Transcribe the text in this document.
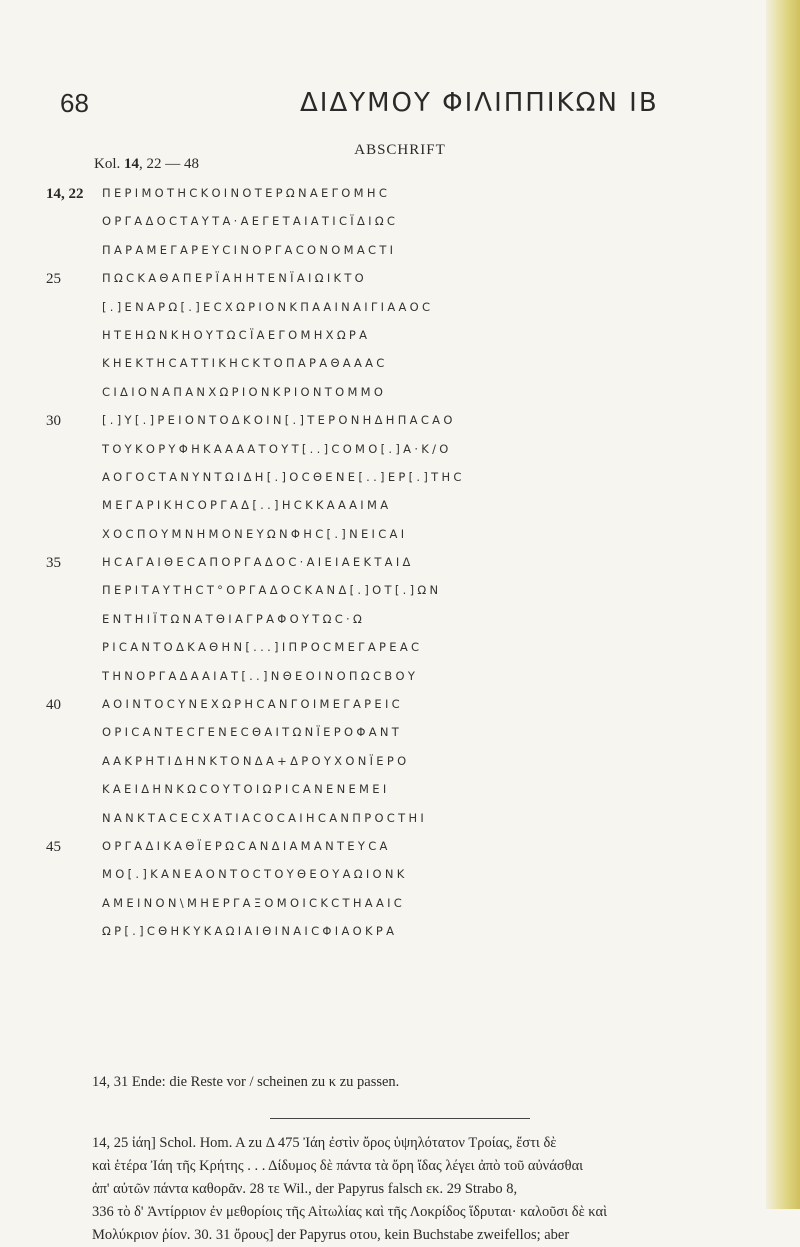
68	ΔΙΔΥΜΟΥ ΦΙΛΙΠΠΙΚΩΝ ΙΒ
ABSCHRIFT
Kol. 14, 22 — 48
14, 22	ΠΕΡΙΜΟΤΗCΚΟΙΝΟΤΕΡΩΝΑΕΓΟΜΗC
ΟΡΓΑΔΟCΤΑΥΤΑ·ΑΕΓΕΤΑΙΑΤΙCΪΔΙΩC
ΠΑΡΑΜΕΓΑΡΕΥCΙΝΟΡΓΑCΟΝΟΜΑCΤΙ
25	ΠΩCΚΑΘΑΠΕΡΪΑΗΗΤΕΝΪΑΙΩΙΚΤΟ
[.]ΕΝΑΡΩ[.]ΕCΧΩΡΙΟΝΚΠΑΑΙΝΑΙΓΙΑΑΟC
ΗΤΕΗΩΝΚΗΟΥΤΩCΪΑΕΓΟΜΗΧΩΡΑ
ΚΗΕΚΤΗCΑΤΤΙΚΗCΚΤΟΠΑΡΑΘΑΑΑC
CΙΔΙΟΝΑΠΑΝΧΩΡΙΟΝΚΡΙΟΝΤΟΜΜΟ
30	[.]Υ[.]ΡΕΙΟΝΤΟΔΚΟΙΝ[.]ΤΕΡΟΝΗΔΗΠΑCΑΟ
ΤΟΥΚΟΡΥΦΗΚΑΑΑΑΤΟΥΤ[..]CΟΜΟ[.]Α·Κ/Ο
ΑΟΓΟCΤΑΝΥΝΤΩΙΔΗ[.]ΟCΘΕΝΕ[..]ΕΡ[.]ΤΗC
ΜΕΓΑΡΙΚΗCΟΡΓΑΔ[..]ΗCΚΚΑΑΑΙΜΑ
ΧΟCΠΟΥΜΝΗΜΟΝΕΥΩΝΦΗC[.]ΝΕΙCΑΙ
35	ΗCΑΓΑΙΘΕCΑΠΟΡΓΑΔΟC·ΑΙΕΙΑΕΚΤΑΙΔ
ΠΕΡΙΤΑΥΤΗCΤ°ΟΡΓΑΔΟCΚΑΝΔ[.]ΟΤ[.]ΩΝ
ΕΝΤΗΙΪΤΩΝΑΤΘΙΑΓΡΑΦΟΥΤΩC·Ω
ΡΙCΑΝΤΟΔΚΑΘΗΝ[...]ΙΠΡΟCΜΕΓΑΡΕΑC
ΤΗΝΟΡΓΑΔΑΑΙΑΤ[..]ΝΘΕΟΙΝΟΠΩCΒΟΥ
40	ΑΟΙΝΤΟCΥΝΕΧΩΡΗCΑΝΓΟΙΜΕΓΑΡΕΙC
ΟΡΙCΑΝΤΕCΓΕΝΕCΘΑΙΤΩΝΪΕΡΟΦΑΝΤ
ΑΑΚΡΗΤΙΔΗΝΚΤΟΝΔΑ+ΔΡΟΥΧΟΝΪΕΡΟ
ΚΑΕΙΔΗΝΚΩCΟΥΤΟΙΩΡΙCΑΝΕΝΕΜΕΙ
ΝΑΝΚΤΑCΕCΧΑΤΙΑCΟCΑΙΗCΑΝΠΡΟCΤΗΙ
45	ΟΡΓΑΔΙΚΑΘΪΕΡΩCΑΝΔΙΑΜΑΝΤΕΥCΑ
ΜΟ[.]ΚΑΝΕΑΟΝΤΟCΤΟΥΘΕΟΥΑΩΙΟΝΚ
ΑΜΕΙΝΟΝ\ΜΗΕΡΓΑΞΟΜΟΙCΚCΤΗΑΑΙC
ΩΡ[.]CΘΗΚΥΚΑΩΙΑΙΘΙΝΑΙCΦΙΑΟΚΡΑ
14, 31 Ende: die Reste vor / scheinen zu κ zu passen.
14, 25 ἰάη] Schol. Hom. A zu Δ 475 Ἰάη ἐστὶν ὄρος ὑψηλότατον Τροίας, ἔστι δὲ
καὶ ἑτέρα Ἰάη τῆς Κρήτης . . . Δίδυμος δὲ πάντα τὰ ὄρη ἴδας λέγει ἀπὸ τοῦ αὐνάσθαι
ἀπ' αὐτῶν πάντα καθορᾶν. 28 τε Wil., der Papyrus falsch εκ. 29 Strabo 8,
336 τὸ δ' Ἀντίρριον ἐν μεθορίοις τῆς Αἰτωλίας καὶ τῆς Λοκρίδος ἵδρυται· καλοῦσι δὲ καὶ
Μολύκριον ῥίον. 30. 31 ὄρους] der Papyrus οτου, kein Buchstabe zweifellos; aber
